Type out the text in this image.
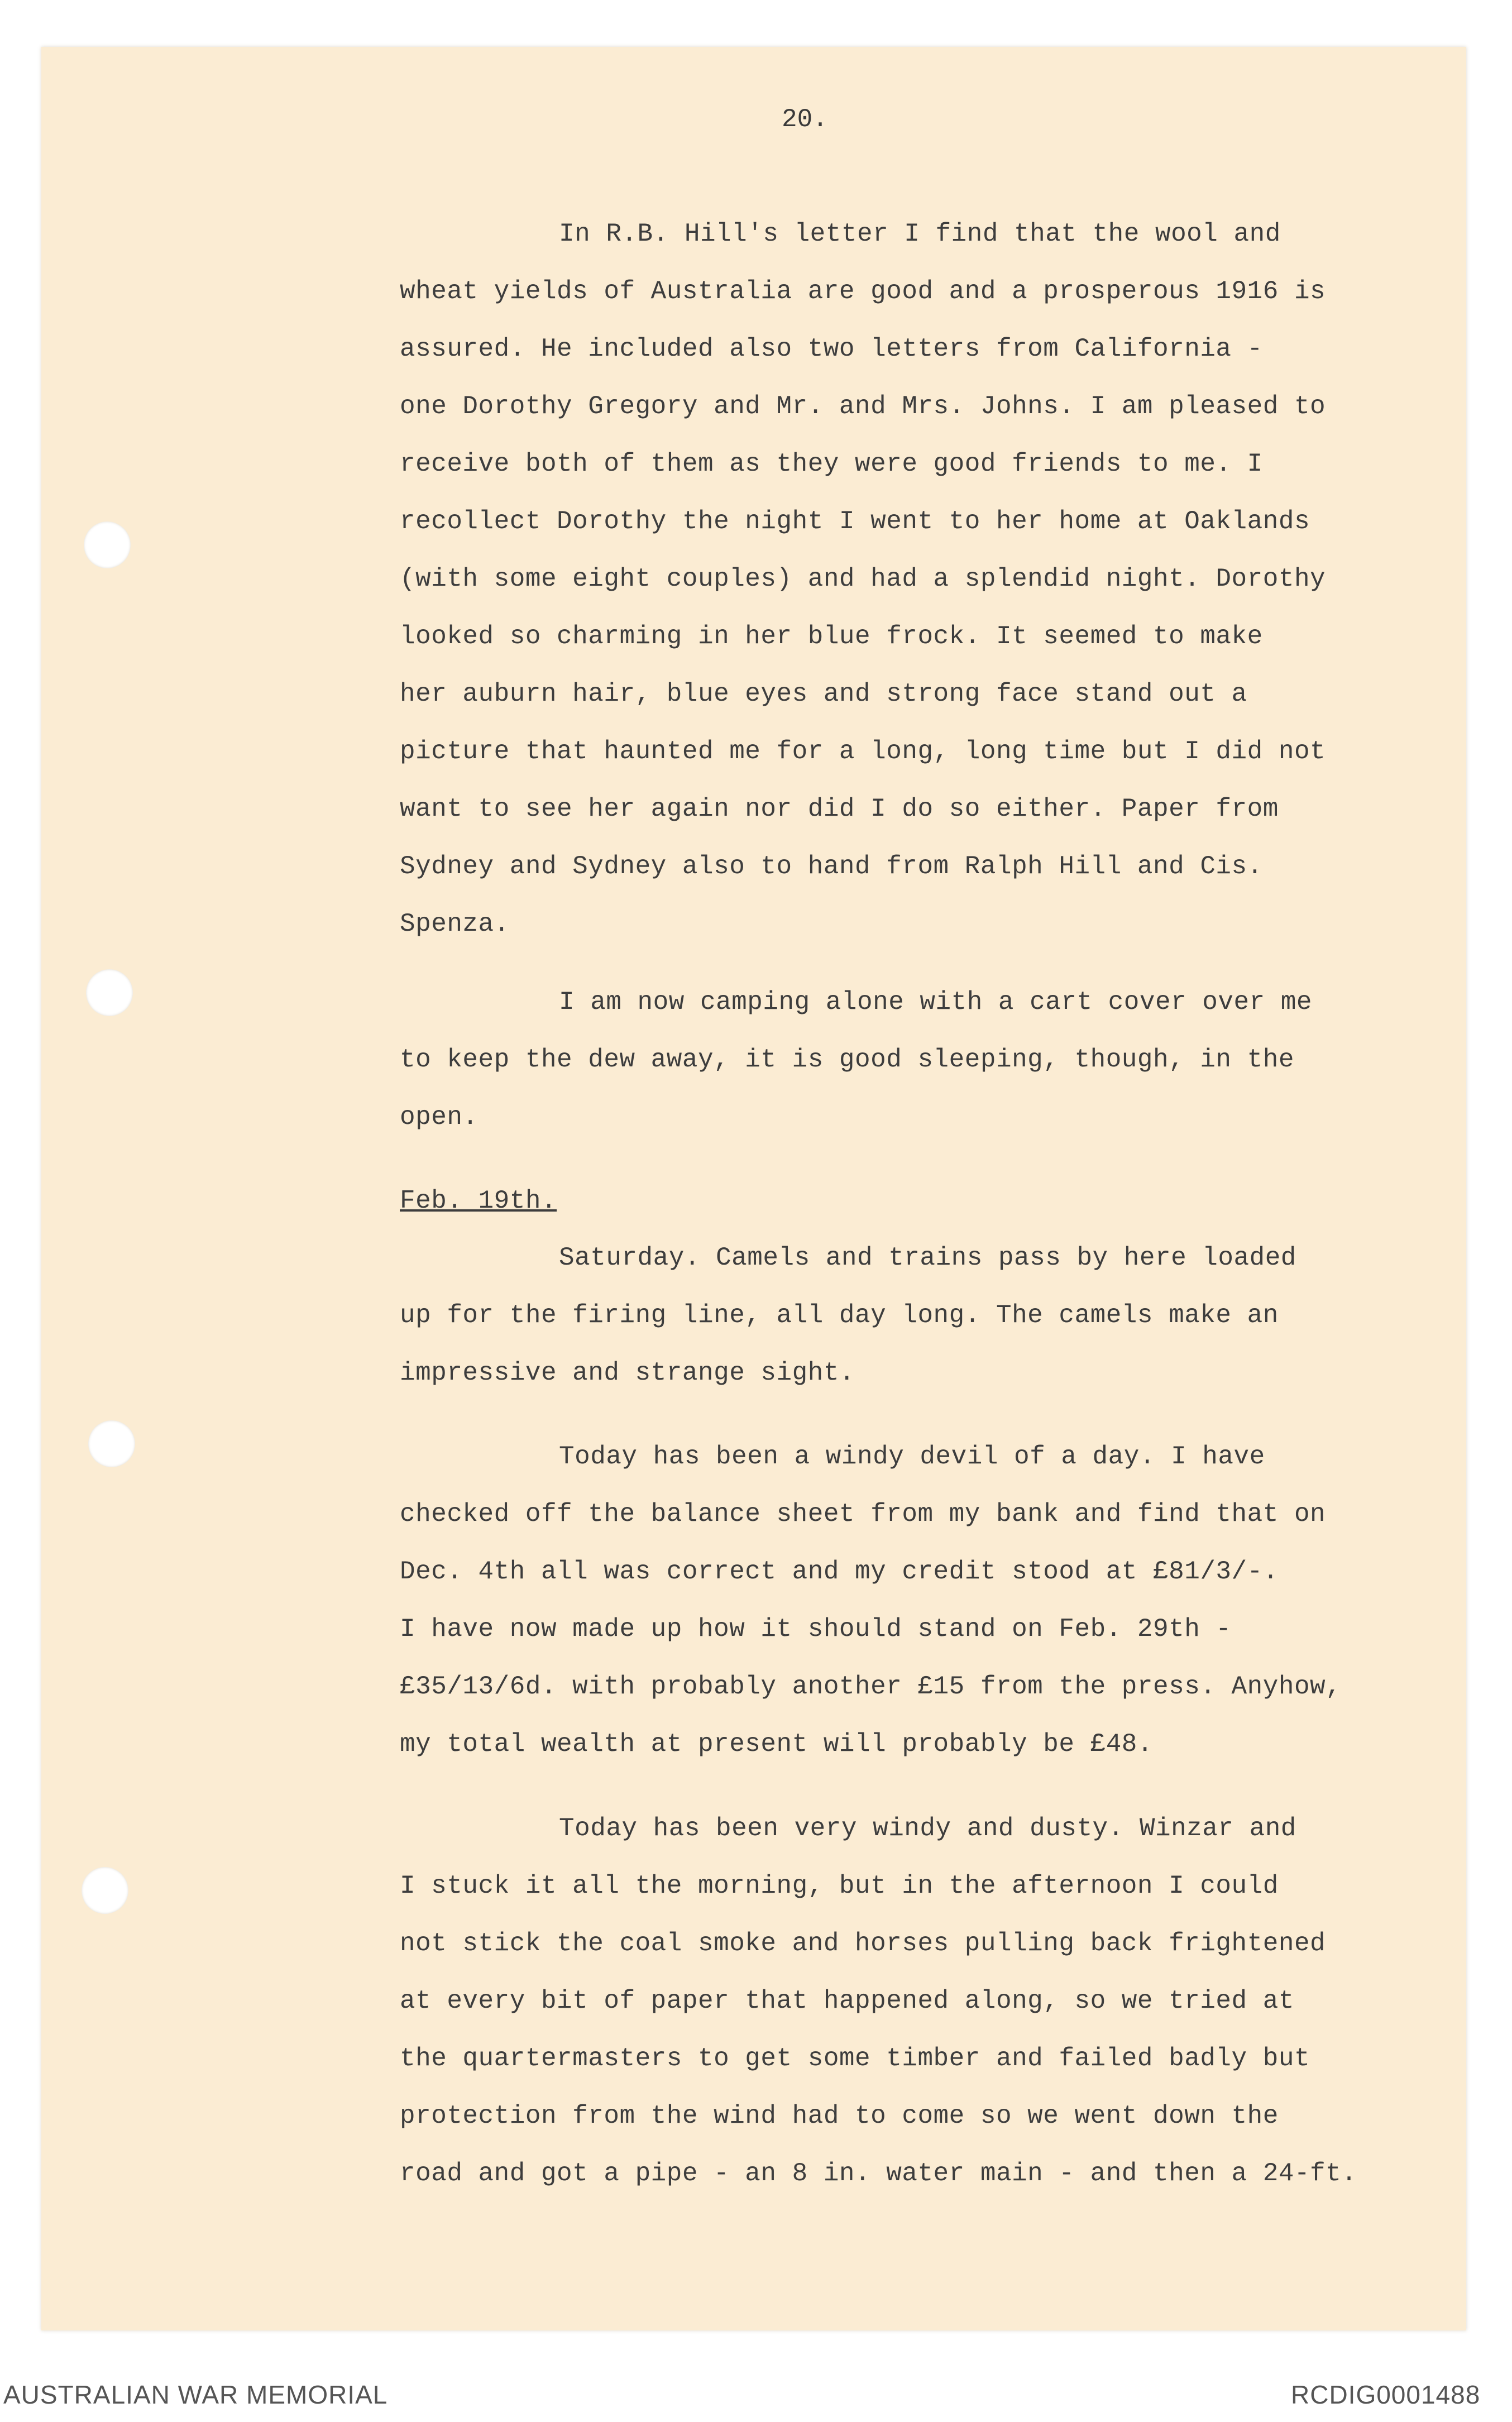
20.

In R.B. Hill's letter I find that the wool and
wheat yields of Australia are good and a prosperous 1916 is
assured. He included also two letters from California -
one Dorothy Gregory and Mr. and Mrs. Johns. I am pleased to
receive both of them as they were good friends to me. I
recollect Dorothy the night I went to her home at Oaklands
(with some eight couples) and had a splendid night. Dorothy
looked so charming in her blue frock. It seemed to make
her auburn hair, blue eyes and strong face stand out a
picture that haunted me for a long, long time but I did not
want to see her again nor did I do so either. Paper from
Sydney and Sydney also to hand from Ralph Hill and Cis.
Spenza.

I am now camping alone with a cart cover over me
to keep the dew away, it is good sleeping, though, in the
open.

Feb. 19th.

Saturday. Camels and trains pass by here loaded
up for the firing line, all day long. The camels make an
impressive and strange sight.

Today has been a windy devil of a day. I have
checked off the balance sheet from my bank and find that on
Dec. 4th all was correct and my credit stood at £81/3/-.
I have now made up how it should stand on Feb. 29th -
£35/13/6d. with probably another £15 from the press. Anyhow,
my total wealth at present will probably be £48.

Today has been very windy and dusty. Winzar and
I stuck it all the morning, but in the afternoon I could
not stick the coal smoke and horses pulling back frightened
at every bit of paper that happened along, so we tried at
the quartermasters to get some timber and failed badly but
protection from the wind had to come so we went down the
road and got a pipe - an 8 in. water main - and then a 24-ft.

AUSTRALIAN WAR MEMORIAL	RCDIG0001488
